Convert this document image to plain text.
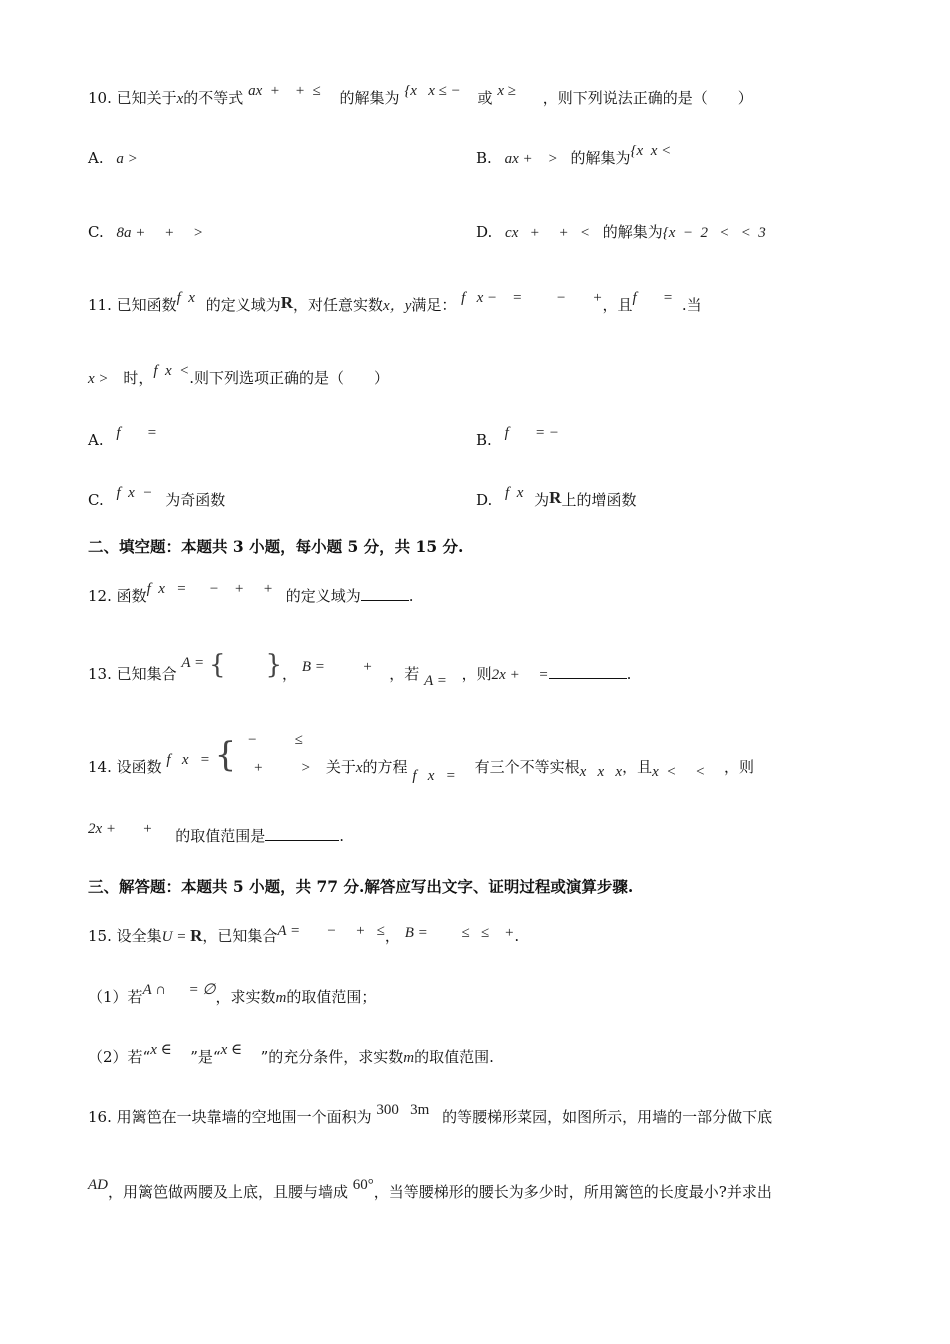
10. 已知关于x的不等式 ax  +    +  ≤ 的解集为 {x   x ≤ − 或 x ≥ ，则下列说法正确的是（　　）
A. a >	B. ax +    > 的解集为{x  x <
C. 8a +     +     >	D. cx   +     +   < 的解集为{x  −  2   <   <  3
11. 已知函数f  x 的定义域为R，对任意实数x，y满足： f   x −    =         −       +，且f       = .当
x > 时，f  x  <.则下列选项正确的是（　　）
A. f       =	B. f       = −
C. f  x  − 为奇函数	D. f  x 为R上的增函数
二、填空题：本题共 3 小题，每小题 5 分，共 15 分.
12. 函数f  x   =      −    +     + 的定义域为	.
13. 已知集合 A = { }， B =          + ，若 A = ，则2x +     =	.
14. 设函数 f   x   = { −          ≤
+          > 关于x的方程 f   x   = 有三个不等实根x   x   x，且x  <     < ，则
2x +       + 的取值范围是	.
三、解答题：本题共 5 小题，共 77 分.解答应写出文字、证明过程或演算步骤.
15. 设全集U = R，已知集合A =       −     +   ≤， B =         ≤   ≤    +.
（1）若A ∩      = ∅，求实数m的取值范围；
（2）若“x ∈ ”是“x ∈ ”的充分条件，求实数m的取值范围.
16. 用篱笆在一块靠墙的空地围一个面积为 300   3m 的等腰梯形菜园，如图所示，用墙的一部分做下底
AD，用篱笆做两腰及上底，且腰与墙成 60°，当等腰梯形的腰长为多少时，所用篱笆的长度最小?并求出
